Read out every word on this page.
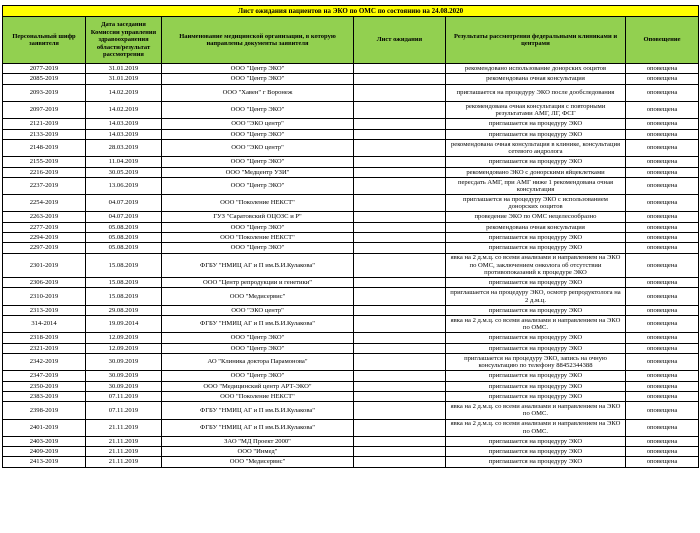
Лист ожидания пациентов на ЭКО по ОМС по состоянию на 24.08.2020					
Персональный шифр заявителя	Дата заседания Комиссии управления здравоохранения области/результат рассмотрения	Наименование медицинской организации, в которую направлены документы заявителя	Лист ожидания	Результаты рассмотрения федеральными клиниками и центрами	Оповещение
2077-2019	31.01.2019	ООО "Центр ЭКО"		рекомендовано использование донорских ооцитов	оповещена
2085-2019	31.01.2019	ООО "Центр ЭКО"		рекомендована очная консультация	оповещена
2093-2019	14.02.2019	ООО "Хавен" г Воронеж		приглашается на процедуру ЭКО после дообследования	оповещена
2097-2019	14.02.2019	ООО "Центр ЭКО"		рекомендована очная консультация с повторными результатами АМГ, ЛГ, ФСГ	оповещена
2121-2019	14.03.2019	ООО "ЭКО центр"		приглашается на процедуру ЭКО	оповещена
2133-2019	14.03.2019	ООО "Центр ЭКО"		приглашается на процедуру ЭКО	оповещена
2148-2019	28.03.2019	ООО "ЭКО центр"		рекомендована очная консультация в клинике, консультация сетевого андролога	оповещена
2155-2019	11.04.2019	ООО "Центр ЭКО"		приглашается на процедуру ЭКО	оповещена
2216-2019	30.05.2019	ООО "Медцентр УЗИ"		рекомендовано ЭКО с донорскими яйцеклетками	оповещена
2237-2019	13.06.2019	ООО "Центр ЭКО"		пересдать АМГ, при АМГ ниже 1 рекомендована очная консультация	оповещена
2254-2019	04.07.2019	ООО "Поколение НЕКСТ"		приглашается на процедуру ЭКО с использованием донорских ооцитов	оповещена
2263-2019	04.07.2019	ГУЗ "Саратовский ОЦОЗС и Р"		проведение ЭКО по ОМС нецелесообразно	оповещена
2277-2019	05.08.2019	ООО "Центр ЭКО"		рекомендована очная консультация	оповещена
2294-2019	05.08.2019	ООО "Поколение НЕКСТ"		приглашается на процедуру ЭКО	оповещена
2297-2019	05.08.2019	ООО "Центр ЭКО"		приглашается на процедуру ЭКО	оповещена
2301-2019	15.08.2019	ФГБУ "НМИЦ АГ и П им.В.И.Кулакова"		явка на 2 д.м.ц. со всеми анализами и направлением на ЭКО по ОМС, заключением онколога об отсутствии противопоказаний к процедуре ЭКО	оповещена
2306-2019	15.08.2019	ООО "Центр репродукции и генетики"		приглашается на процедуру ЭКО	оповещена
2310-2019	15.08.2019	ООО "Медисервис"		приглашается на процедуру ЭКО, осмотр репродуктолога на 2 д.м.ц.	оповещена
2313-2019	29.08.2019	ООО "ЭКО центр"		приглашается на процедуру ЭКО	оповещена
314-2014	19.09.2014	ФГБУ "НМИЦ АГ и П им.В.И.Кулакова"		явка на 2 д.м.ц. со всеми анализами и направлением на ЭКО по ОМС.	оповещена
2318-2019	12.09.2019	ООО "Центр ЭКО"		приглашается на процедуру ЭКО	оповещена
2321-2019	12.09.2019	ООО "Центр ЭКО"		приглашается на процедуру ЭКО	оповещена
2342-2019	30.09.2019	АО "Клиника доктора Парамонова"		приглашается на процедуру ЭКО, запись на очную консультацию по телефону 88452344388	оповещена
2347-2019	30.09.2019	ООО "Центр ЭКО"		приглашается на процедуру ЭКО	оповещена
2350-2019	30.09.2019	ООО "Медицинский центр АРТ-ЭКО"		приглашается на процедуру ЭКО	оповещена
2383-2019	07.11.2019	ООО "Поколение НЕКСТ"		приглашается на процедуру ЭКО	оповещена
2398-2019	07.11.2019	ФГБУ "НМИЦ АГ и П им.В.И.Кулакова"		явка на 2 д.м.ц. со всеми анализами и направлением на ЭКО по ОМС.	оповещена
2401-2019	21.11.2019	ФГБУ "НМИЦ АГ и П им.В.И.Кулакова"		явка на 2 д.м.ц. со всеми анализами и направлением на ЭКО по ОМС.	оповещена
2403-2019	21.11.2019	ЗАО "МД Проект 2000"		приглашается на процедуру ЭКО	оповещена
2409-2019	21.11.2019	ООО "Инмед"		приглашается на процедуру ЭКО	оповещена
2413-2019	21.11.2019	ООО "Медисервис"		приглашается на процедуру ЭКО	оповещена
